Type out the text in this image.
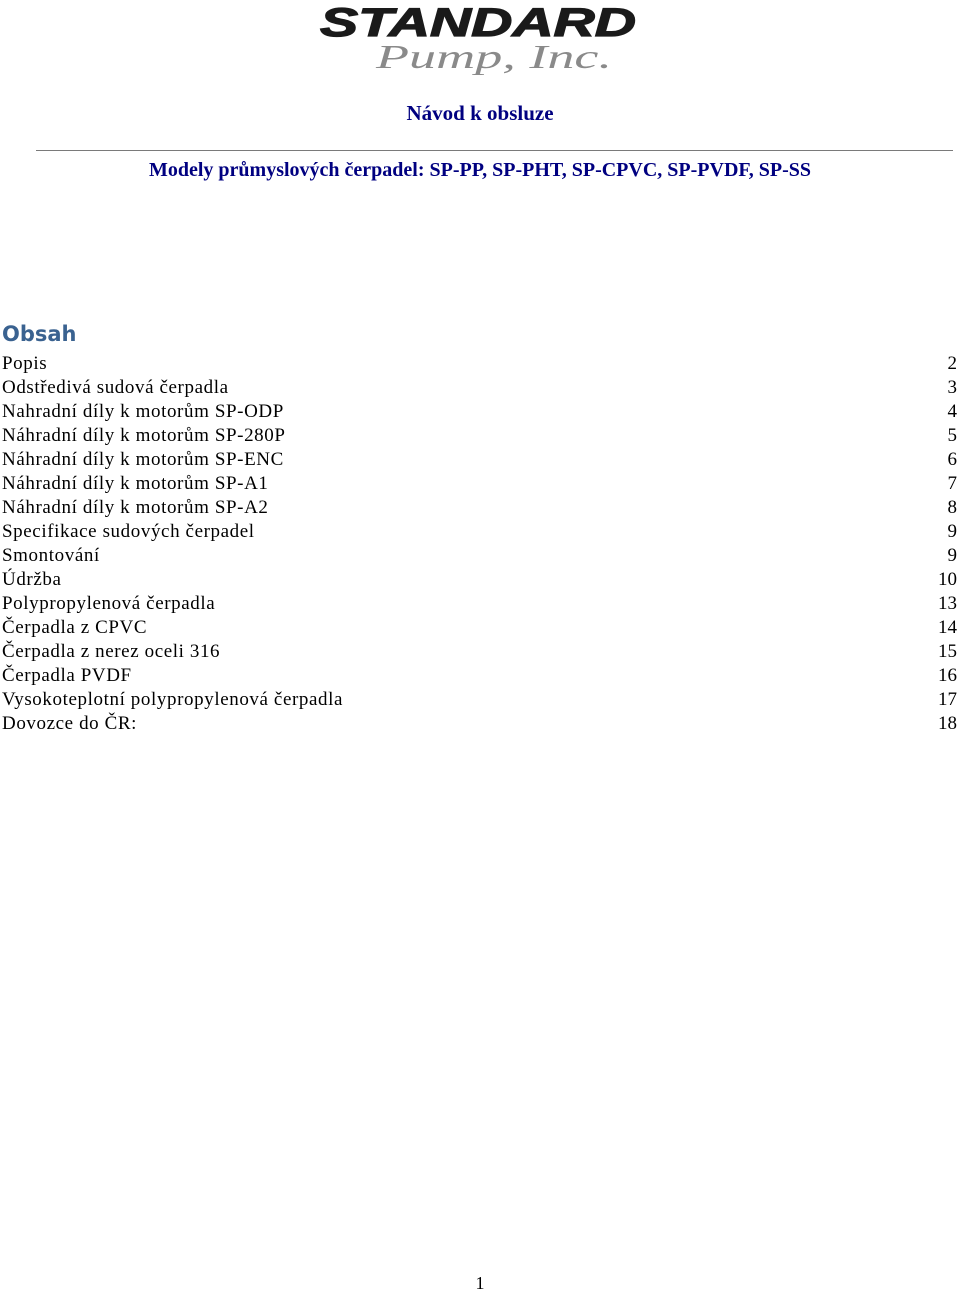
STANDARD
Pump, Inc.
Návod k obsluze
Modely průmyslových čerpadel: SP-PP, SP-PHT, SP-CPVC, SP-PVDF, SP-SS
Obsah
Popis	2
Odstředivá sudová čerpadla	3
Nahradní díly k motorům SP-ODP	4
Náhradní díly k motorům SP-280P	5
Náhradní díly k motorům SP-ENC	6
Náhradní díly k motorům SP-A1	7
Náhradní díly k motorům SP-A2	8
Specifikace sudových čerpadel	9
Smontování	9
Údržba	10
Polypropylenová čerpadla	13
Čerpadla z CPVC	14
Čerpadla z nerez oceli 316	15
Čerpadla PVDF	16
Vysokoteplotní polypropylenová čerpadla	17
Dovozce do ČR:	18
1
